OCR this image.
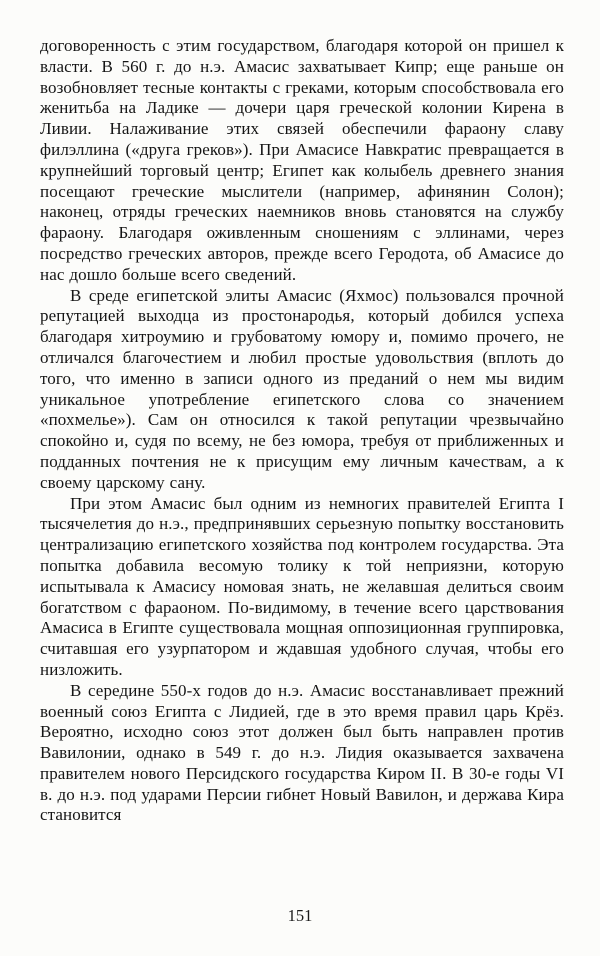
договоренность с этим государством, благодаря которой он пришел к власти. В 560 г. до н.э. Амасис захватывает Кипр; еще раньше он возобновляет тесные контакты с греками, которым способствовала его женитьба на Ладике — дочери царя греческой колонии Кирена в Ливии. Налаживание этих связей обеспечили фараону славу филэллина («друга греков»). При Амасисе Навкратис превращается в крупнейший торговый центр; Египет как колыбель древнего знания посещают греческие мыслители (например, афинянин Солон); наконец, отряды греческих наемников вновь становятся на службу фараону. Благодаря оживленным сношениям с эллинами, через посредство греческих авторов, прежде всего Геродота, об Амасисе до нас дошло больше всего сведений.

В среде египетской элиты Амасис (Яхмос) пользовался прочной репутацией выходца из простонародья, который добился успеха благодаря хитроумию и грубоватому юмору и, помимо прочего, не отличался благочестием и любил простые удовольствия (вплоть до того, что именно в записи одного из преданий о нем мы видим уникальное употребление египетского слова со значением «похмелье»). Сам он относился к такой репутации чрезвычайно спокойно и, судя по всему, не без юмора, требуя от приближенных и подданных почтения не к присущим ему личным качествам, а к своему царскому сану.

При этом Амасис был одним из немногих правителей Египта I тысячелетия до н.э., предпринявших серьезную попытку восстановить централизацию египетского хозяйства под контролем государства. Эта попытка добавила весомую толику к той неприязни, которую испытывала к Амасису номовая знать, не желавшая делиться своим богатством с фараоном. По-видимому, в течение всего царствования Амасиса в Египте существовала мощная оппозиционная группировка, считавшая его узурпатором и ждавшая удобного случая, чтобы его низложить.

В середине 550-х годов до н.э. Амасис восстанавливает прежний военный союз Египта с Лидией, где в это время правил царь Крёз. Вероятно, исходно союз этот должен был быть направлен против Вавилонии, однако в 549 г. до н.э. Лидия оказывается захвачена правителем нового Персидского государства Киром II. В 30-е годы VI в. до н.э. под ударами Персии гибнет Новый Вавилон, и держава Кира становится

151
